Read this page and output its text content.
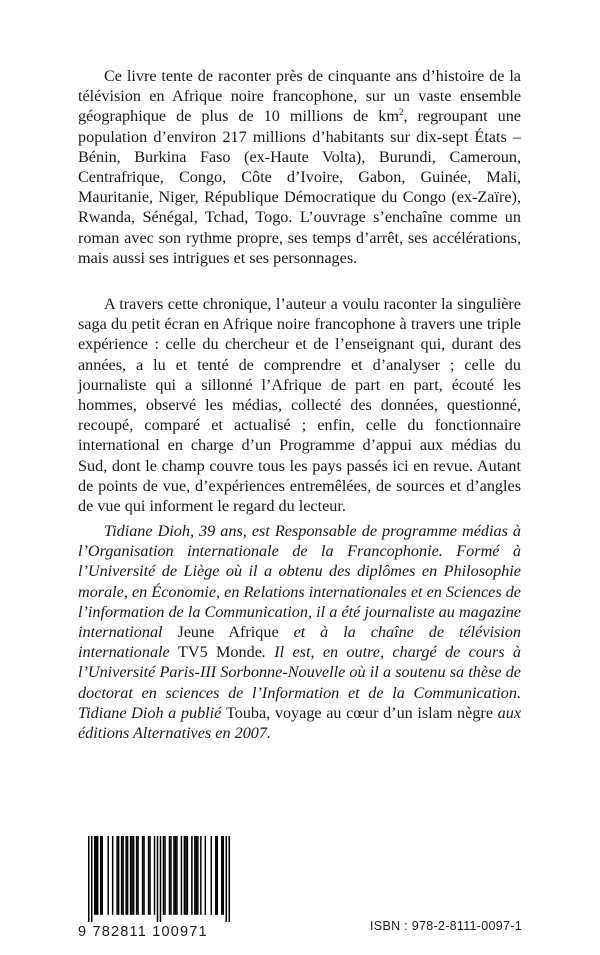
Ce livre tente de raconter près de cinquante ans d’histoire de la télévision en Afrique noire francophone, sur un vaste ensemble géographique de plus de 10 millions de $km^2$, regroupant une population d’environ 217 millions d’habitants sur dix-sept États – Bénin, Burkina Faso (ex-Haute Volta), Burundi, Cameroun, Centrafrique, Congo, Côte d’Ivoire, Gabon, Guinée, Mali, Mauritanie, Niger, République Démocratique du Congo (ex-Zaïre), Rwanda, Sénégal, Tchad, Togo. L’ouvrage s’enchaîne comme un roman avec son rythme propre, ses temps d’arrêt, ses accélérations, mais aussi ses intrigues et ses personnages.

A travers cette chronique, l’auteur a voulu raconter la singulière saga du petit écran en Afrique noire francophone à travers une triple expérience : celle du chercheur et de l’enseignant qui, durant des années, a lu et tenté de comprendre et d’analyser ; celle du journaliste qui a sillonné l’Afrique de part en part, écouté les hommes, observé les médias, collecté des données, questionné, recoupé, comparé et actualisé ; enfin, celle du fonctionnaire international en charge d’un Programme d’appui aux médias du Sud, dont le champ couvre tous les pays passés ici en revue. Autant de points de vue, d’expériences entremêlées, de sources et d’angles de vue qui informent le regard du lecteur.

Tidiane Dioh, 39 ans, est Responsable de programme médias à l’Organisation internationale de la Francophonie. Formé à l’Université de Liège où il a obtenu des diplômes en Philosophie morale, en Économie, en Relations internationales et en Sciences de l’information de la Communication, il a été journaliste au magazine international Jeune Afrique et à la chaîne de télévision internationale TV5 Monde. Il est, en outre, chargé de cours à l’Université Paris-III Sorbonne-Nouvelle où il a soutenu sa thèse de doctorat en sciences de l’Information et de la Communication. Tidiane Dioh a publié Touba, voyage au cœur d’un islam nègre aux éditions Alternatives en 2007.

9 782811 100971	ISBN : 978-2-8111-0097-1
